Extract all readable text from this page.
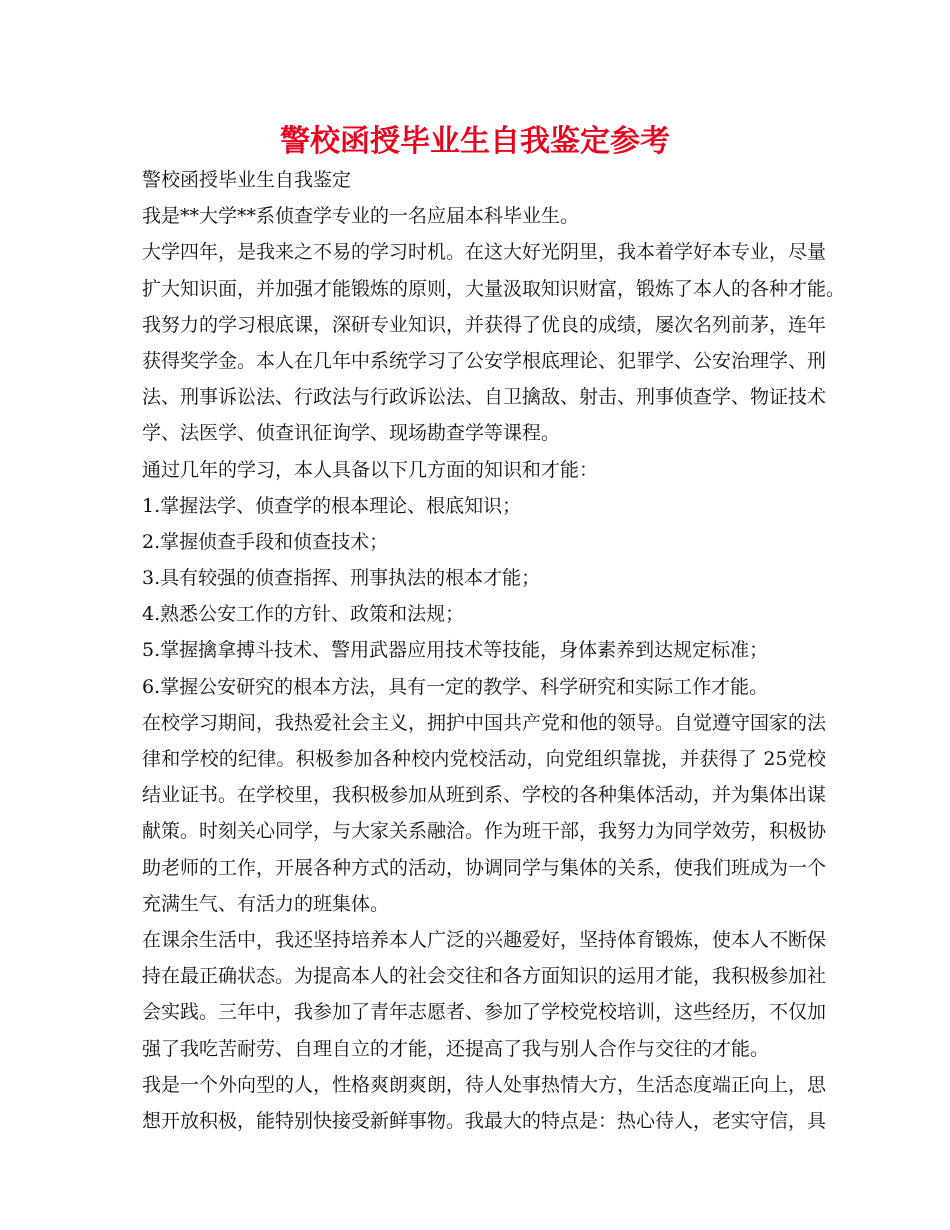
警校函授毕业生自我鉴定参考
警校函授毕业生自我鉴定
我是**大学**系侦查学专业的一名应届本科毕业生。
大学四年，是我来之不易的学习时机。在这大好光阴里，我本着学好本专业，尽量
扩大知识面，并加强才能锻炼的原则，大量汲取知识财富，锻炼了本人的各种才能。
我努力的学习根底课，深研专业知识，并获得了优良的成绩，屡次名列前茅，连年
获得奖学金。本人在几年中系统学习了公安学根底理论、犯罪学、公安治理学、刑
法、刑事诉讼法、行政法与行政诉讼法、自卫擒敌、射击、刑事侦查学、物证技术
学、法医学、侦查讯征询学、现场勘查学等课程。
通过几年的学习，本人具备以下几方面的知识和才能：
1.掌握法学、侦查学的根本理论、根底知识；
2.掌握侦查手段和侦查技术；
3.具有较强的侦查指挥、刑事执法的根本才能；
4.熟悉公安工作的方针、政策和法规；
5.掌握擒拿搏斗技术、警用武器应用技术等技能，身体素养到达规定标准；
6.掌握公安研究的根本方法，具有一定的教学、科学研究和实际工作才能。
在校学习期间，我热爱社会主义，拥护中国共产党和他的领导。自觉遵守国家的法
律和学校的纪律。积极参加各种校内党校活动，向党组织靠拢，并获得了 25党校
结业证书。在学校里，我积极参加从班到系、学校的各种集体活动，并为集体出谋
献策。时刻关心同学，与大家关系融洽。作为班干部，我努力为同学效劳，积极协
助老师的工作，开展各种方式的活动，协调同学与集体的关系，使我们班成为一个
充满生气、有活力的班集体。
在课余生活中，我还坚持培养本人广泛的兴趣爱好，坚持体育锻炼，使本人不断保
持在最正确状态。为提高本人的社会交往和各方面知识的运用才能，我积极参加社
会实践。三年中，我参加了青年志愿者、参加了学校党校培训，这些经历，不仅加
强了我吃苦耐劳、自理自立的才能，还提高了我与别人合作与交往的才能。
我是一个外向型的人，性格爽朗爽朗，待人处事热情大方，生活态度端正向上，思
想开放积极，能特别快接受新鲜事物。我最大的特点是：热心待人，老实守信，具
